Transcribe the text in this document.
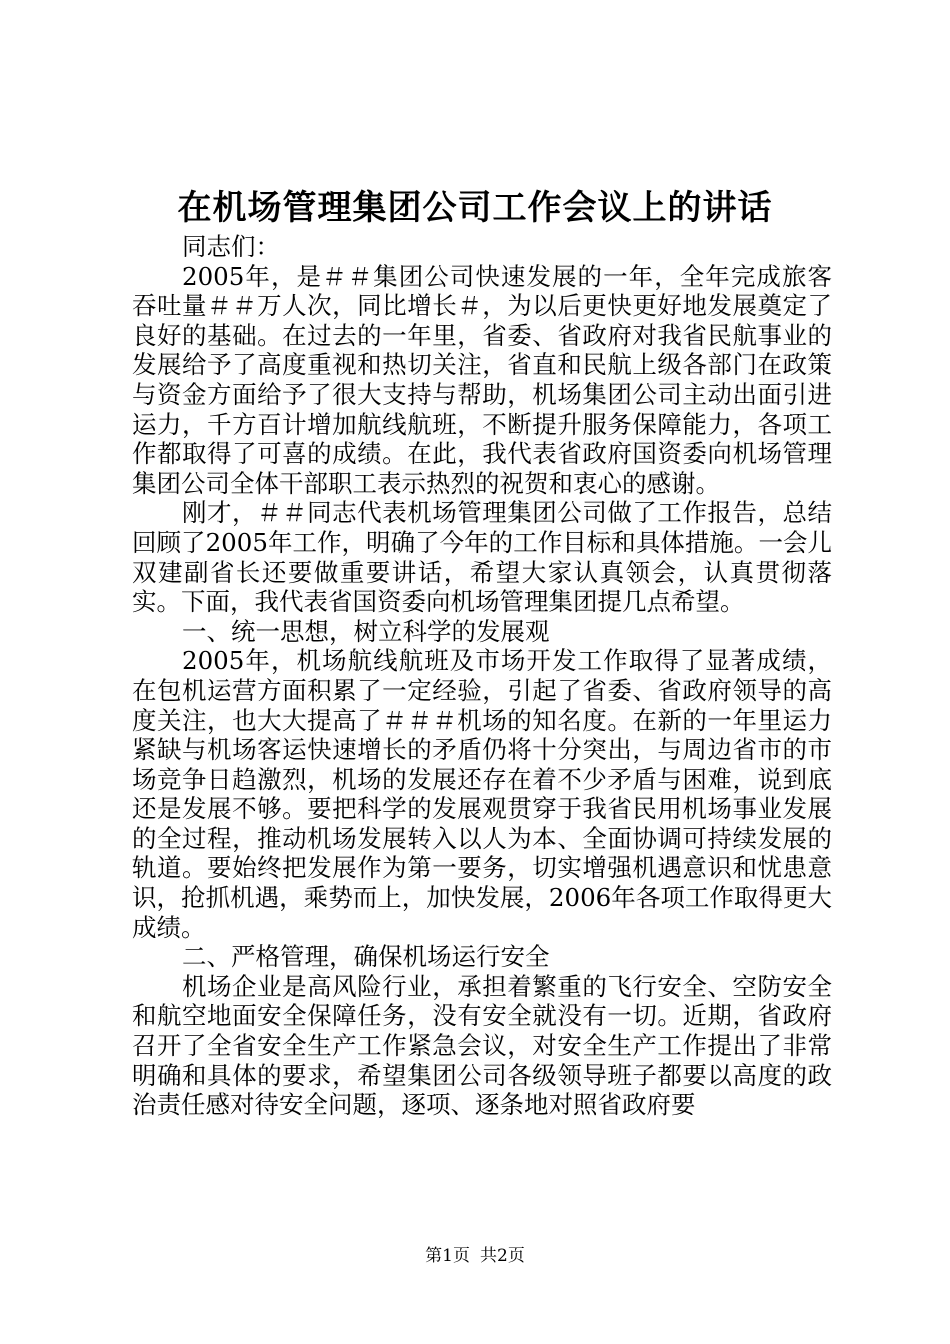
在机场管理集团公司工作会议上的讲话

同志们：

2005年，是＃＃集团公司快速发展的一年，全年完成旅客吞吐量＃＃万人次，同比增长＃，为以后更快更好地发展奠定了良好的基础。在过去的一年里，省委、省政府对我省民航事业的发展给予了高度重视和热切关注，省直和民航上级各部门在政策与资金方面给予了很大支持与帮助，机场集团公司主动出面引进运力，千方百计增加航线航班，不断提升服务保障能力，各项工作都取得了可喜的成绩。在此，我代表省政府国资委向机场管理集团公司全体干部职工表示热烈的祝贺和衷心的感谢。

刚才，＃＃同志代表机场管理集团公司做了工作报告，总结回顾了2005年工作，明确了今年的工作目标和具体措施。一会儿双建副省长还要做重要讲话，希望大家认真领会，认真贯彻落实。下面，我代表省国资委向机场管理集团提几点希望。

一、统一思想，树立科学的发展观

2005年，机场航线航班及市场开发工作取得了显著成绩，在包机运营方面积累了一定经验，引起了省委、省政府领导的高度关注，也大大提高了＃＃＃机场的知名度。在新的一年里运力紧缺与机场客运快速增长的矛盾仍将十分突出，与周边省市的市场竞争日趋激烈，机场的发展还存在着不少矛盾与困难，说到底还是发展不够。要把科学的发展观贯穿于我省民用机场事业发展的全过程，推动机场发展转入以人为本、全面协调可持续发展的轨道。要始终把发展作为第一要务，切实增强机遇意识和忧患意识，抢抓机遇，乘势而上，加快发展，2006年各项工作取得更大成绩。

二、严格管理，确保机场运行安全

机场企业是高风险行业，承担着繁重的飞行安全、空防安全和航空地面安全保障任务，没有安全就没有一切。近期，省政府召开了全省安全生产工作紧急会议，对安全生产工作提出了非常明确和具体的要求，希望集团公司各级领导班子都要以高度的政治责任感对待安全问题，逐项、逐条地对照省政府要

第1页 共2页
